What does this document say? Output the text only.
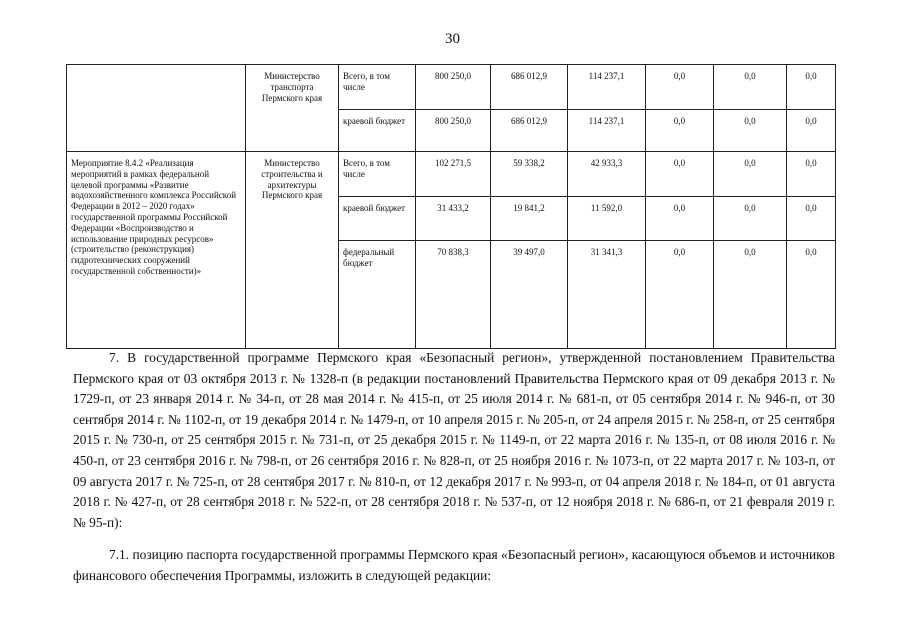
30
	Министерство транспорта Пермского края	Всего, в том числе	800 250,0	686 012,9	114 237,1	0,0	0,0	0,0
		краевой бюджет	800 250,0	686 012,9	114 237,1	0,0	0,0	0,0
Мероприятие 8.4.2 «Реализация мероприятий в рамках федеральной целевой программы «Развитие водохозяйственного комплекса Российской Федерации в 2012 – 2020 годах» государственной программы Российской Федерации «Воспроизводство и использование природных ресурсов» (строительство (реконструкция) гидротехнических сооружений государственной собственности)»	Министерство строительства и архитектуры Пермского края	Всего, в том числе	102 271,5	59 338,2	42 933,3	0,0	0,0	0,0
		краевой бюджет	31 433,2	19 841,2	11 592,0	0,0	0,0	0,0
		федеральный бюджет	70 838,3	39 497,0	31 341,3	0,0	0,0	0,0

7. В государственной программе Пермского края «Безопасный регион», утвержденной постановлением Правительства Пермского края от 03 октября 2013 г. № 1328-п (в редакции постановлений Правительства Пермского края от 09 декабря 2013 г. № 1729-п, от 23 января 2014 г. № 34-п, от 28 мая 2014 г. № 415-п, от 25 июля 2014 г. № 681-п, от 05 сентября 2014 г. № 946-п, от 30 сентября 2014 г. № 1102-п, от 19 декабря 2014 г. № 1479-п, от 10 апреля 2015 г. № 205-п, от 24 апреля 2015 г. № 258-п, от 25 сентября 2015 г. № 730-п, от 25 сентября 2015 г. № 731-п, от 25 декабря 2015 г. № 1149-п, от 22 марта 2016 г. № 135-п, от 08 июля 2016 г. № 450-п, от 23 сентября 2016 г. № 798-п, от 26 сентября 2016 г. № 828-п, от 25 ноября 2016 г. № 1073-п, от 22 марта 2017 г. № 103-п, от 09 августа 2017 г. № 725-п, от 28 сентября 2017 г. № 810-п, от 12 декабря 2017 г. № 993-п, от 04 апреля 2018 г. № 184-п, от 01 августа 2018 г. № 427-п, от 28 сентября 2018 г. № 522-п, от 28 сентября 2018 г. № 537-п, от 12 ноября 2018 г. № 686-п, от 21 февраля 2019 г. № 95-п):

7.1. позицию паспорта государственной программы Пермского края «Безопасный регион», касающуюся объемов и источников финансового обеспечения Программы, изложить в следующей редакции:
